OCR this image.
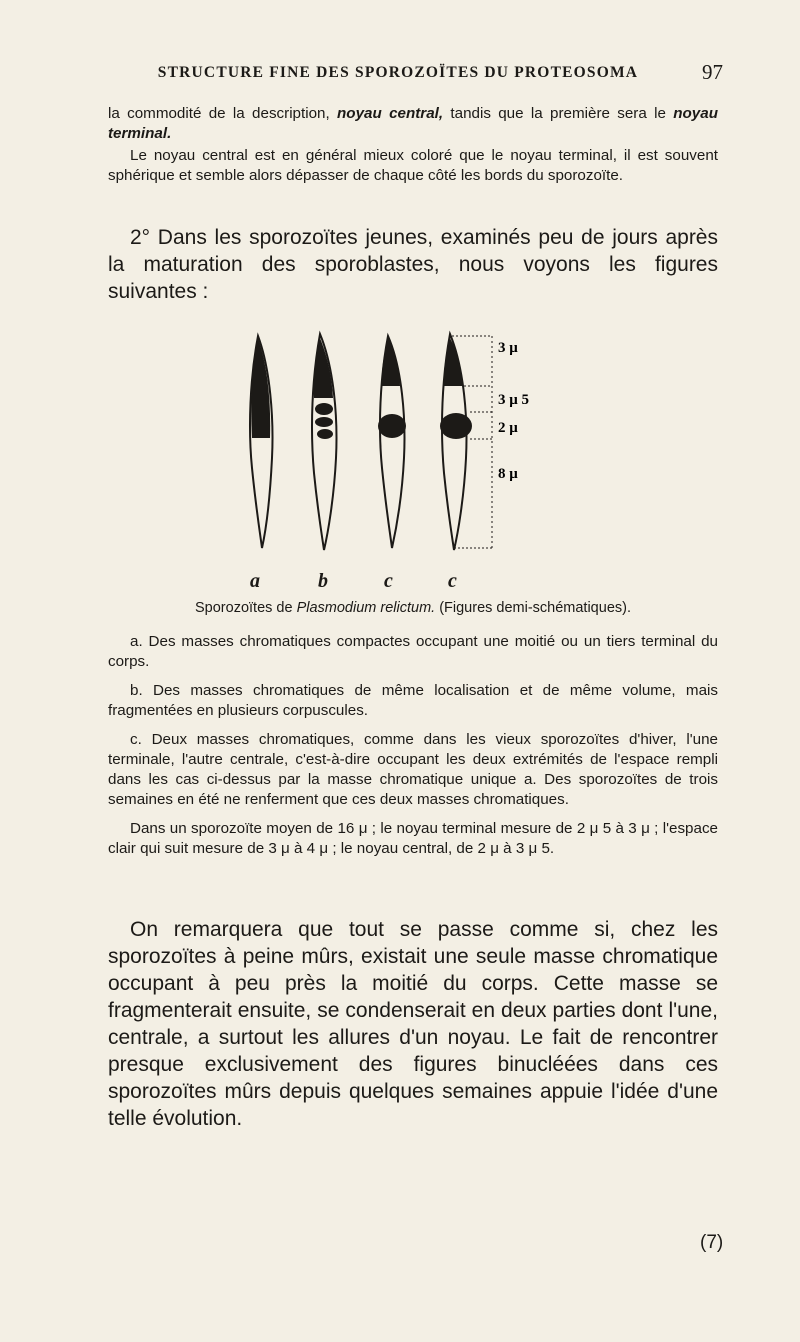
STRUCTURE FINE DES SPOROZOÏTES DU PROTEOSOMA	97

la commodité de la description, noyau central, tandis que la première sera le noyau terminal.

Le noyau central est en général mieux coloré que le noyau terminal, il est souvent sphérique et semble alors dépasser de chaque côté les bords du sporozoïte.

2° Dans les sporozoïtes jeunes, examinés peu de jours après la maturation des sporoblastes, nous voyons les figures suivantes :

3 μ
3 μ 5
2 μ
8 μ
a	b	c	c
Sporozoïtes de Plasmodium relictum. (Figures demi-schématiques).

a. Des masses chromatiques compactes occupant une moitié ou un tiers terminal du corps.

b. Des masses chromatiques de même localisation et de même volume, mais fragmentées en plusieurs corpuscules.

c. Deux masses chromatiques, comme dans les vieux sporozoïtes d'hiver, l'une terminale, l'autre centrale, c'est-à-dire occupant les deux extrémités de l'espace rempli dans les cas ci-dessus par la masse chromatique unique a. Des sporozoïtes de trois semaines en été ne renferment que ces deux masses chromatiques.

Dans un sporozoïte moyen de 16 μ ; le noyau terminal mesure de 2 μ 5 à 3 μ ; l'espace clair qui suit mesure de 3 μ à 4 μ ; le noyau central, de 2 μ à 3 μ 5.

On remarquera que tout se passe comme si, chez les sporozoïtes à peine mûrs, existait une seule masse chromatique occupant à peu près la moitié du corps. Cette masse se fragmenterait ensuite, se condenserait en deux parties dont l'une, centrale, a surtout les allures d'un noyau. Le fait de rencontrer presque exclusivement des figures binucléées dans ces sporozoïtes mûrs depuis quelques semaines appuie l'idée d'une telle évolution.

(7)
